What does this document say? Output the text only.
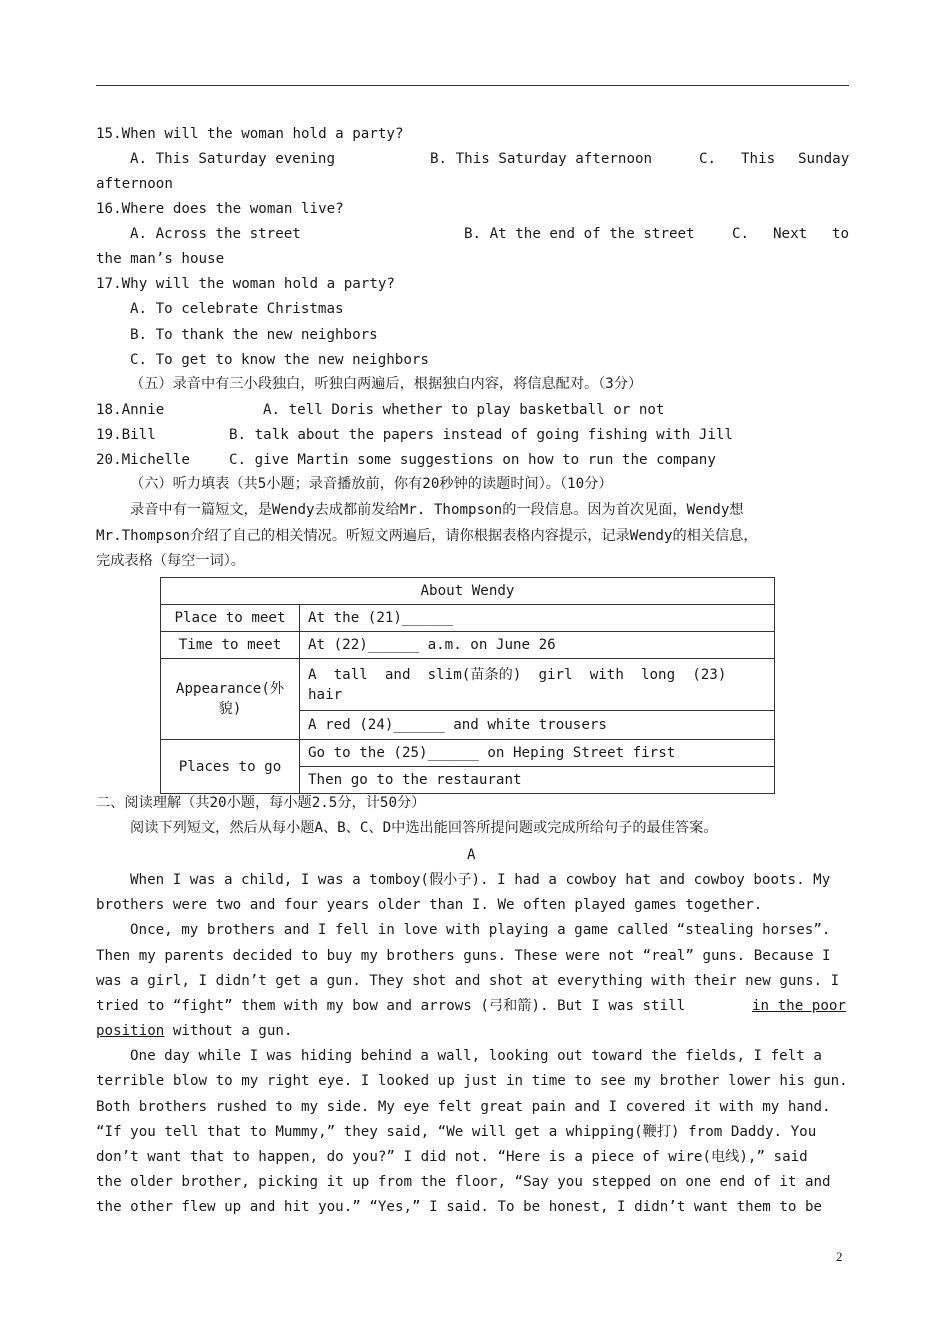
15.When will the woman hold a party?
A. This Saturday evening	B. This Saturday afternoon	C. This Sunday
afternoon
16.Where does the woman live?
A. Across the street	B. At the end of the street	C. Next to
the man’s house
17.Why will the woman hold a party?
A. To celebrate Christmas
B. To thank the new neighbors
C. To get to know the new neighbors
（五）录音中有三小段独白，听独白两遍后，根据独白内容，将信息配对。（3分）
18.Annie	A. tell Doris whether to play basketball or not
19.Bill	B. talk about the papers instead of going fishing with Jill
20.Michelle	C. give Martin some suggestions on how to run the company
（六）听力填表（共5小题；录音播放前，你有20秒钟的读题时间）。（10分）
录音中有一篇短文，是Wendy去成都前发给Mr. Thompson的一段信息。因为首次见面，Wendy想
Mr.Thompson介绍了自己的相关情况。听短文两遍后，请你根据表格内容提示，记录Wendy的相关信息，
完成表格（每空一词）。
About Wendy	
Place to meet	At the (21)______
Time to meet	At (22)______ a.m. on June 26
Appearance(外貌)	A  tall  and  slim(苗条的)  girl  with  long  (23)
hair

	A red (24)______ and white trousers
Places to go	Go to the (25)______ on Heping Street first
	Then go to the restaurant
二、阅读理解（共20小题，每小题2.5分，计50分）
阅读下列短文，然后从每小题A、B、C、D中选出能回答所提问题或完成所给句子的最佳答案。
A
When I was a child, I was a tomboy(假小子). I had a cowboy hat and cowboy boots. My
brothers were two and four years older than I. We often played games together.
Once, my brothers and I fell in love with playing a game called “stealing horses”.
Then my parents decided to buy my brothers guns. These were not “real” guns. Because I
was a girl, I didn’t get a gun. They shot and shot at everything with their new guns. I
tried to “fight” them with my bow and arrows (弓和箭). But I was still	in the poor
position without a gun.
One day while I was hiding behind a wall, looking out toward the fields, I felt a
terrible blow to my right eye. I looked up just in time to see my brother lower his gun.
Both brothers rushed to my side. My eye felt great pain and I covered it with my hand.
“If you tell that to Mummy,” they said, “We will get a whipping(鞭打) from Daddy. You
don’t want that to happen, do you?” I did not. “Here is a piece of wire(电线),” said
the older brother, picking it up from the floor, “Say you stepped on one end of it and
the other flew up and hit you.” “Yes,” I said. To be honest, I didn’t want them to be
2
